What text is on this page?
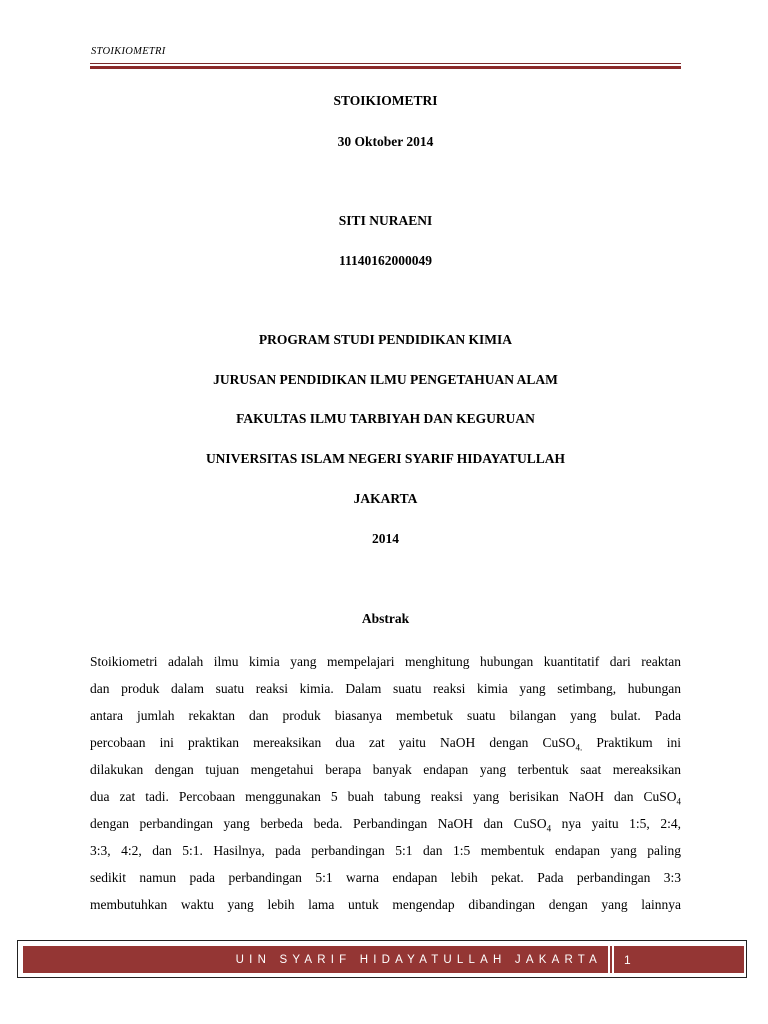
STOIKIOMETRI
STOIKIOMETRI
30 Oktober 2014
SITI NURAENI
11140162000049
PROGRAM STUDI PENDIDIKAN KIMIA
JURUSAN PENDIDIKAN ILMU PENGETAHUAN ALAM
FAKULTAS ILMU TARBIYAH DAN KEGURUAN
UNIVERSITAS ISLAM NEGERI SYARIF HIDAYATULLAH
JAKARTA
2014
Abstrak
Stoikiometri adalah ilmu kimia yang mempelajari menghitung hubungan kuantitatif dari reaktan
dan produk dalam suatu reaksi kimia. Dalam suatu reaksi kimia yang setimbang, hubungan
antara jumlah rekaktan dan produk biasanya membetuk suatu bilangan yang bulat. Pada
percobaan ini praktikan mereaksikan dua zat yaitu NaOH dengan CuSO$_{4.}$ Praktikum ini
dilakukan dengan tujuan mengetahui berapa banyak endapan yang terbentuk saat mereaksikan
dua zat tadi. Percobaan menggunakan 5 buah tabung reaksi yang berisikan NaOH dan CuSO$_4$
dengan perbandingan yang berbeda beda. Perbandingan NaOH dan CuSO$_4$ nya yaitu 1:5, 2:4,
3:3, 4:2, dan 5:1. Hasilnya, pada perbandingan 5:1 dan 1:5 membentuk endapan yang paling
sedikit namun pada perbandingan 5:1 warna endapan lebih pekat. Pada perbandingan 3:3
membutuhkan waktu yang lebih lama untuk mengendap dibandingan dengan yang lainnya
UIN SYARIF HIDAYATULLAH JAKARTA	1
